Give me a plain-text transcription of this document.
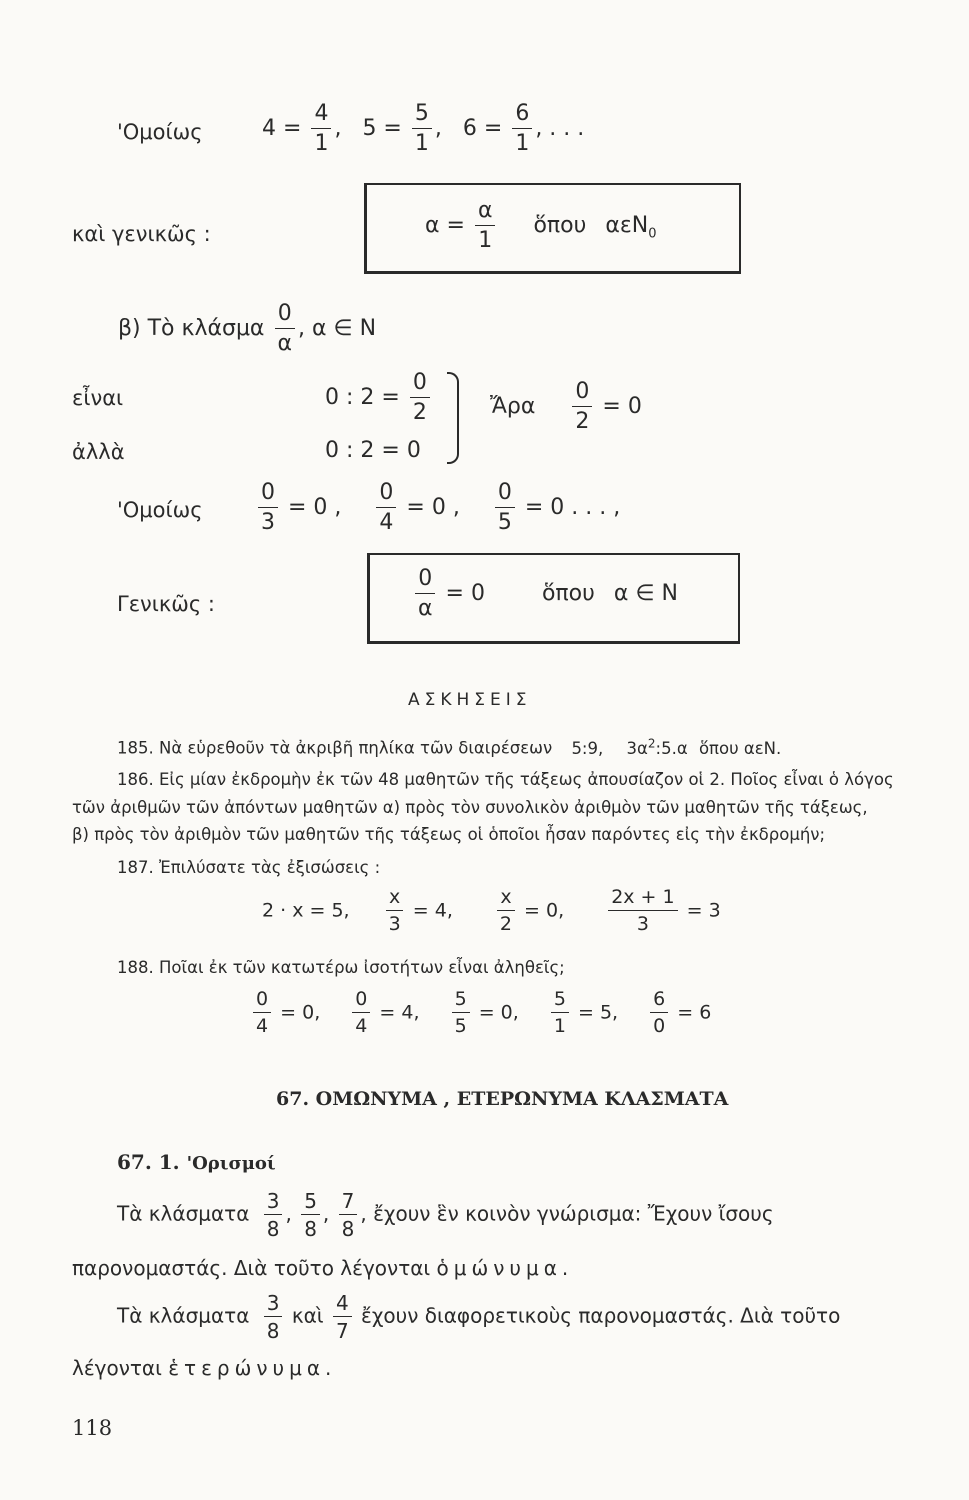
'Ομοίως	$4 = \frac{4}{1}$ , $5 = \frac{5}{1}$ , $6 = \frac{6}{1}$ , . . .
καὶ γενικῶς :	$\alpha = \frac{\alpha}{1}$ ὅπου αεN$_0$
β) Τὸ κλάσμα $\frac{0}{\alpha}$ , α ∈ N
εἶναι
ἀλλὰ
0 : $2 = \frac{0}{2}$
0 : 2 = 0
Ἄρα $\frac{0}{2} = 0$
'Ομοίως	$\frac{0}{3} = 0$ , $\frac{0}{4} = 0$ , $\frac{0}{5} = 0$ . . . ,
Γενικῶς :	$\frac{0}{\alpha} = 0$	ὅπου α ∈ N
ΑΣΚΗΣΕΙΣ
185. Νὰ εὑρεθοῦν τὰ ἀκριβῆ πηλίκα τῶν διαιρέσεων 5:9, $3\alpha^2:5.\alpha$ ὅπου αεN.
186. Εἰς μίαν ἐκδρομὴν ἐκ τῶν 48 μαθητῶν τῆς τάξεως ἀπουσίαζον οἱ 2. Ποῖος εἶναι ὁ λόγος
τῶν ἀριθμῶν τῶν ἀπόντων μαθητῶν α) πρὸς τὸν συνολικὸν ἀριθμὸν τῶν μαθητῶν τῆς τάξεως,
β) πρὸς τὸν ἀριθμὸν τῶν μαθητῶν τῆς τάξεως οἱ ὁποῖοι ἦσαν παρόντες εἰς τὴν ἐκδρομήν;
187. Ἐπιλύσατε τὰς ἐξισώσεις :
2 · x = 5, $\frac{x}{3} = 4$, $\frac{x}{2} = 0$, $\frac{2x + 1}{3} = 3$
188. Ποῖαι ἐκ τῶν κατωτέρω ἰσοτήτων εἶναι ἀληθεῖς;
$\frac{0}{4} = 0$, $\frac{0}{4} = 4$, $\frac{5}{5} = 0$, $\frac{5}{1} = 5$, $\frac{6}{0} = 6$
67. ΟΜΩΝΥΜΑ , ΕΤΕΡΩΝΥΜΑ ΚΛΑΣΜΑΤΑ
67. 1. 'Ορισμοί
Τὰ κλάσματα $\frac{3}{8}$ , $\frac{5}{8}$ , $\frac{7}{8}$ , ἔχουν ἓν κοινὸν γνώρισμα: Ἔχουν ἴσους
παρονομαστάς. Διὰ τοῦτο λέγονται ὁμώνυμα.
Τὰ κλάσματα $\frac{3}{8}$ καὶ $\frac{4}{7}$ ἔχουν διαφορετικοὺς παρονομαστάς. Διὰ τοῦτο
λέγονται ἑτερώνυμα.
118
